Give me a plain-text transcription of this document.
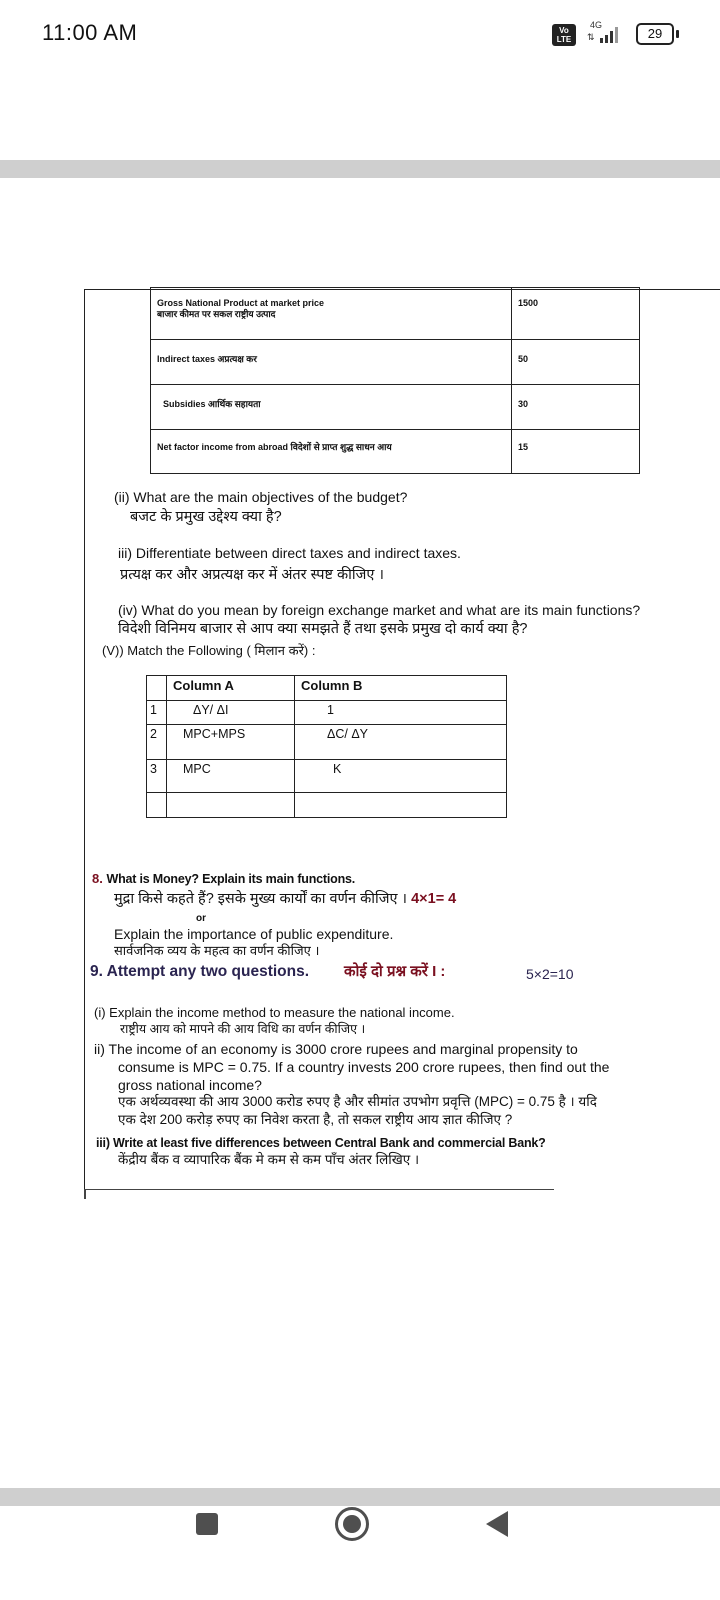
11:00 AM	Vo LTE
4G
⇅	29
Gross National Product at market price
बाजार कीमत पर सकल राष्ट्रीय उत्पाद	1500
Indirect taxes अप्रत्यक्ष कर	50
Subsidies आर्थिक सहायता	30
Net factor income from abroad विदेशों से प्राप्त शुद्ध साधन आय	15
(ii) What are the main objectives of the budget?
बजट के प्रमुख उद्देश्य क्या है?
iii) Differentiate between direct taxes and indirect taxes.
प्रत्यक्ष कर और अप्रत्यक्ष कर में अंतर स्पष्ट कीजिए ।
(iv) What do you mean by foreign exchange market and what are its main functions?
विदेशी विनिमय बाजार से आप क्या समझते हैं तथा इसके प्रमुख दो कार्य क्या है?
(V)) Match the Following ( मिलान करें) :
	Column A	Column B
1	ΔY/ ΔI	1
2	MPC+MPS	ΔC/ ΔY
3	MPC	K

8. What is Money? Explain its main functions.
मुद्रा किसे कहते हैं? इसके मुख्य कार्यों का वर्णन कीजिए । 4×1= 4
or
Explain the importance of public expenditure.
सार्वजनिक व्यय के महत्व का वर्णन कीजिए ।
9. Attempt any two questions. कोई दो प्रश्न करें I :	5×2=10
(i) Explain the income method to measure the national income.
राष्ट्रीय आय को मापने की आय विधि का वर्णन कीजिए ।
ii) The income of an economy is 3000 crore rupees and marginal propensity to
consume is MPC = 0.75. If a country invests 200 crore rupees, then find out the
gross national income?
एक अर्थव्यवस्था की आय 3000 करोड रुपए है और सीमांत उपभोग प्रवृत्ति (MPC) = 0.75 है । यदि
एक देश 200 करोड़ रुपए का निवेश करता है, तो सकल राष्ट्रीय आय ज्ञात कीजिए ?
iii) Write at least five differences between Central Bank and commercial Bank?
केंद्रीय बैंक व व्यापारिक बैंक मे कम से कम पाँच अंतर लिखिए ।
